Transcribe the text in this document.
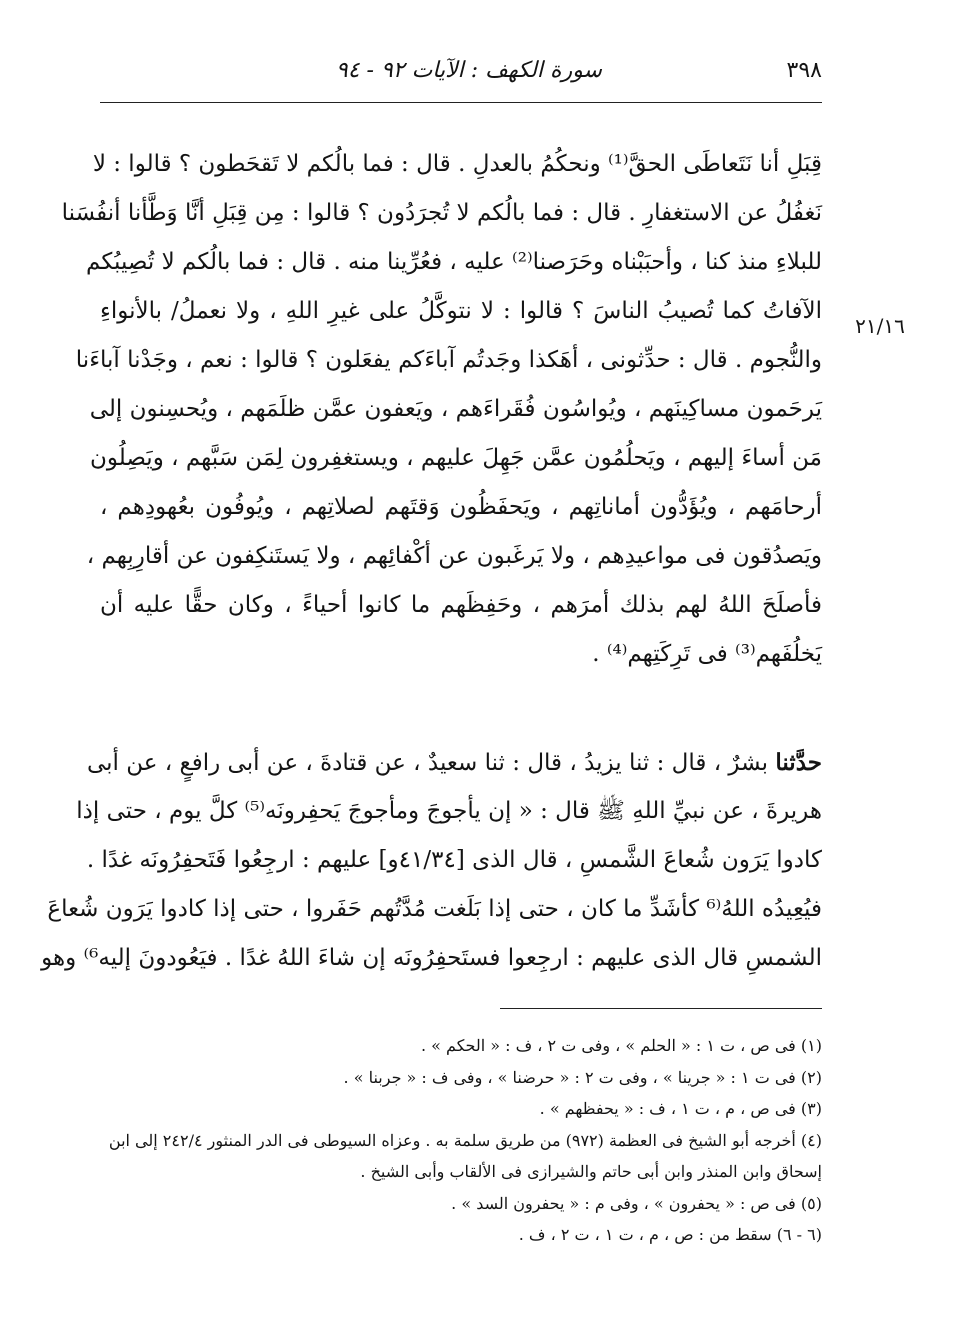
٣٩٨
سورة الكهف : الآيات ٩٢ - ٩٤
٢١/١٦
قِبَلِ أنا نَتَعاطَى الحقَّ⁽¹⁾ ونحكُمُ بالعدلِ . قال : فما بالُكم لا تَقحَطون ؟ قالوا : لا
نَغفُلُ عن الاستغفارِ . قال : فما بالُكم لا تُجرَدُون ؟ قالوا : مِن قِبَلِ أنَّا وَطَّأنا أنفُسَنا
للبلاءِ منذ كنا ، وأحبَبْناه وحَرَصنا⁽²⁾ عليه ، فعُرِّينا منه . قال : فما بالُكم لا تُصِيبُكم
الآفاتُ كما تُصيبُ الناسَ ؟ قالوا : لا نتوكَّلُ على غيرِ اللهِ ، ولا نعملُ/ بالأنواءِ
والنُّجوم . قال : حدِّثونى ، أهَكذا وجَدتُم آباءَكم يفعَلون ؟ قالوا : نعم ، وجَدْنا آباءَنا
يَرحَمون مساكِينَهم ، ويُواسُون فُقَراءَهم ، ويَعفون عمَّن ظلَمَهم ، ويُحسِنون إلى
مَن أساءَ إليهم ، ويَحلُمُون عمَّن جَهِلَ عليهم ، ويستغفِرون لِمَن سَبَّهم ، ويَصِلُون
أرحامَهم ، ويُؤَدُّون أماناتِهم ، ويَحفَظُون وَقتَهم لصلاتِهم ، ويُوفُون بعُهودِهم ،
ويَصدُقون فى مواعيدِهم ، ولا يَرغَبون عن أكْفائِهم ، ولا يَستَنكِفون عن أقارِبِهم ،
فأصلَحَ اللهُ لهم بذلك أمرَهم ، وحَفِظَهم ما كانوا أحياءً ، وكان حقًّا عليه أن
يَخلُفَهم⁽³⁾ فى تَرِكَتِهم⁽⁴⁾ .
حدَّثنا بشرٌ ، قال : ثنا يزيدُ ، قال : ثنا سعيدٌ ، عن قتادةَ ، عن أبى رافعٍ ، عن أبى
هريرةَ ، عن نبيِّ اللهِ ﷺ قال : « إن يأجوجَ ومأجوجَ يَحفِرونَه⁽⁵⁾ كلَّ يوم ، حتى إذا
كادوا يَرَون شُعاعَ الشَّمسِ ، قال الذى [٤١/٣٤و] عليهم : ارجِعُوا فَتَحفِرُونَه غدًا .
فيُعِيدُه اللهُ⁽⁶ كأشَدِّ ما كان ، حتى إذا بَلَغت مُدَّتُهم حَفَروا ، حتى إذا كادوا يَرَون شُعاعَ
الشمسِ قال الذى عليهم : ارجِعوا فستَحفِرُونَه إن شاءَ اللهُ غدًا . فيَعُودونَ إليه⁶⁾ وهو
(١) فى ص ، ت ١ : « الحلم » ، وفى ت ٢ ، ف : « الحكم » .
(٢) فى ت ١ : « جرينا » ، وفى ت ٢ : « حرضنا » ، وفى ف : « جربنا » .
(٣) فى ص ، م ، ت ١ ، ف : « يحفظهم » .
(٤) أخرجه أبو الشيخ فى العظمة (٩٧٢) من طريق سلمة به . وعزاه السيوطى فى الدر المنثور ٢٤٢/٤ إلى ابن
إسحاق وابن المنذر وابن أبى حاتم والشيرازى فى الألقاب وأبى الشيخ .
(٥) فى ص : « يحفرون » ، وفى م : « يحفرون السد » .
(٦ - ٦) سقط من : ص ، م ، ت ١ ، ت ٢ ، ف .
